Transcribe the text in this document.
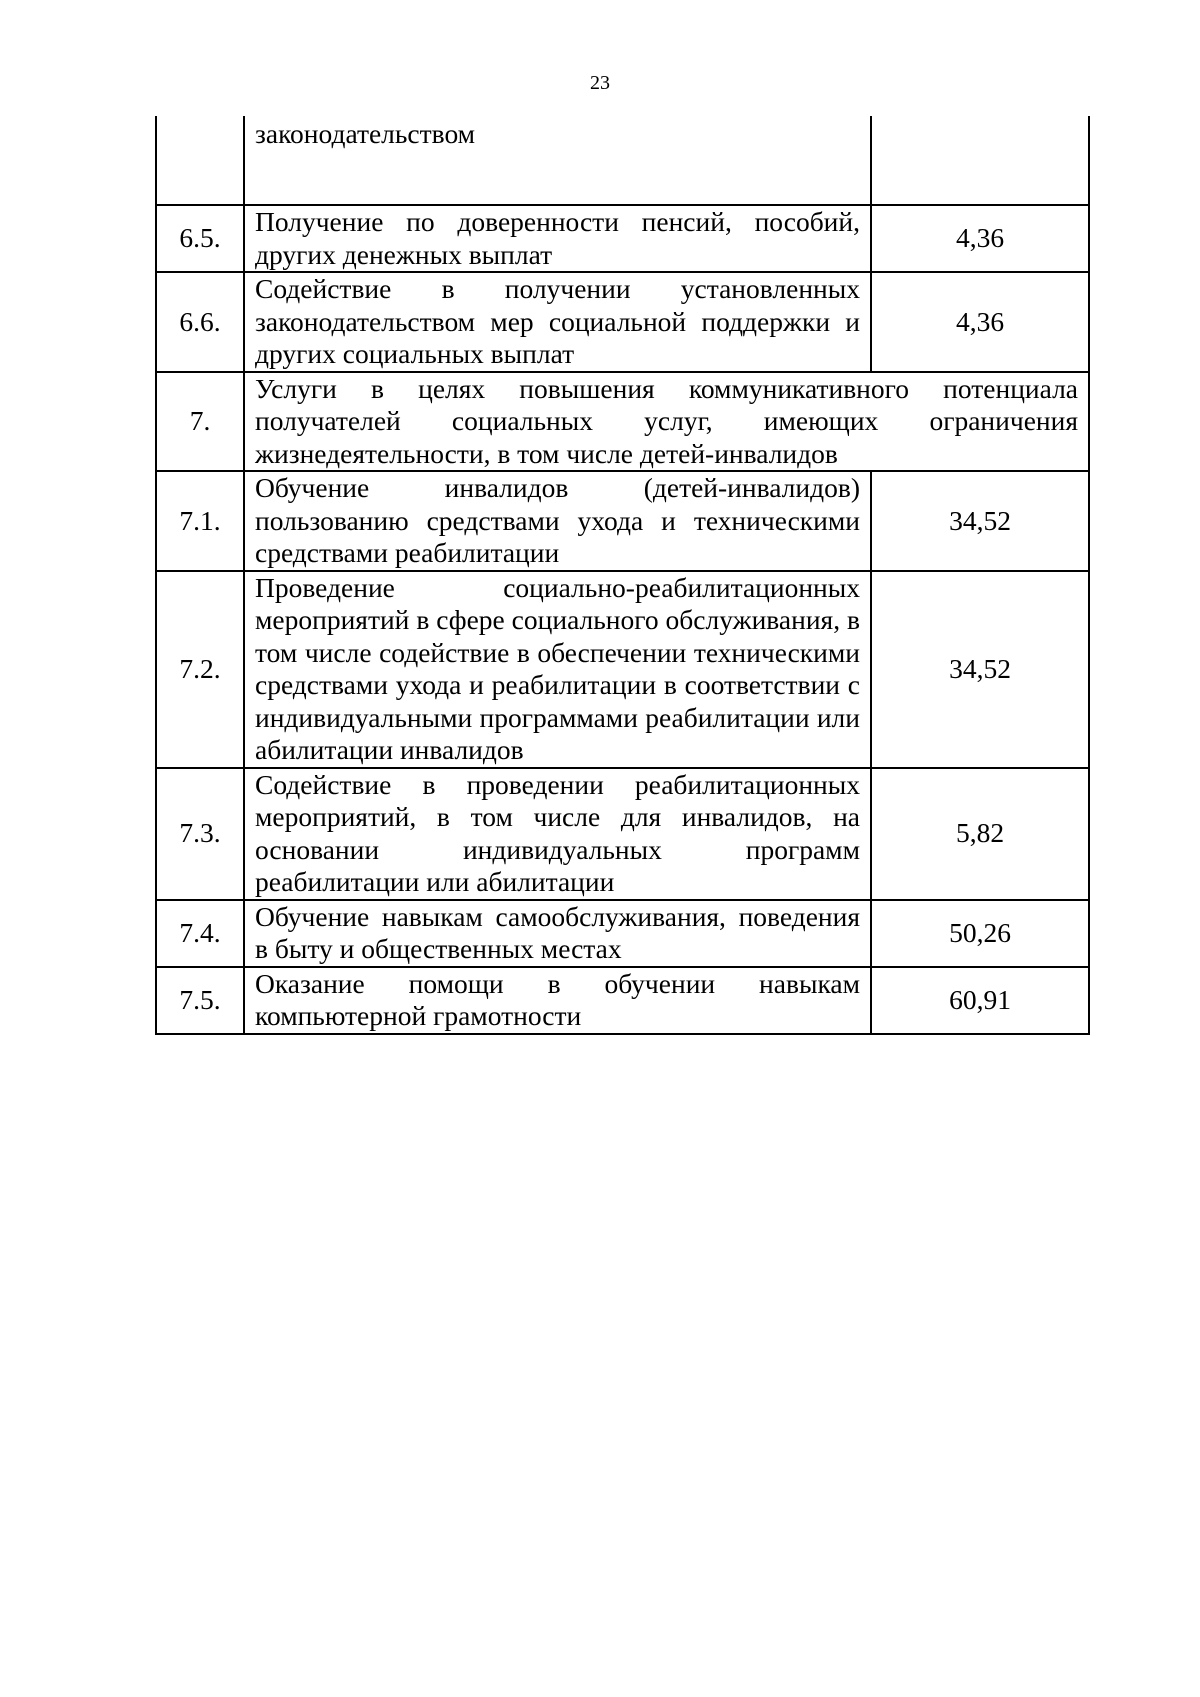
23
	законодательством	
6.5.	Получение по доверенности пенсий, пособий, других денежных выплат	4,36
6.6.	Содействие в получении установленных законодательством мер социальной поддержки и других социальных выплат	4,36
7.	Услуги в целях повышения коммуникативного потенциала получателей социальных услуг, имеющих ограничения жизнедеятельности, в том числе детей-инвалидов	
7.1.	Обучение инвалидов (детей-инвалидов) пользованию средствами ухода и техническими средствами реабилитации	34,52
7.2.	Проведение социально-реабилитационных мероприятий в сфере социального обслуживания, в том числе содействие в обеспечении техническими средствами ухода и реабилитации в соответствии с индивидуальными программами реабилитации или абилитации инвалидов	34,52
7.3.	Содействие в проведении реабилитационных мероприятий, в том числе для инвалидов, на основании индивидуальных программ реабилитации или абилитации	5,82
7.4.	Обучение навыкам самообслуживания, поведения в быту и общественных местах	50,26
7.5.	Оказание помощи в обучении навыкам компьютерной грамотности	60,91
